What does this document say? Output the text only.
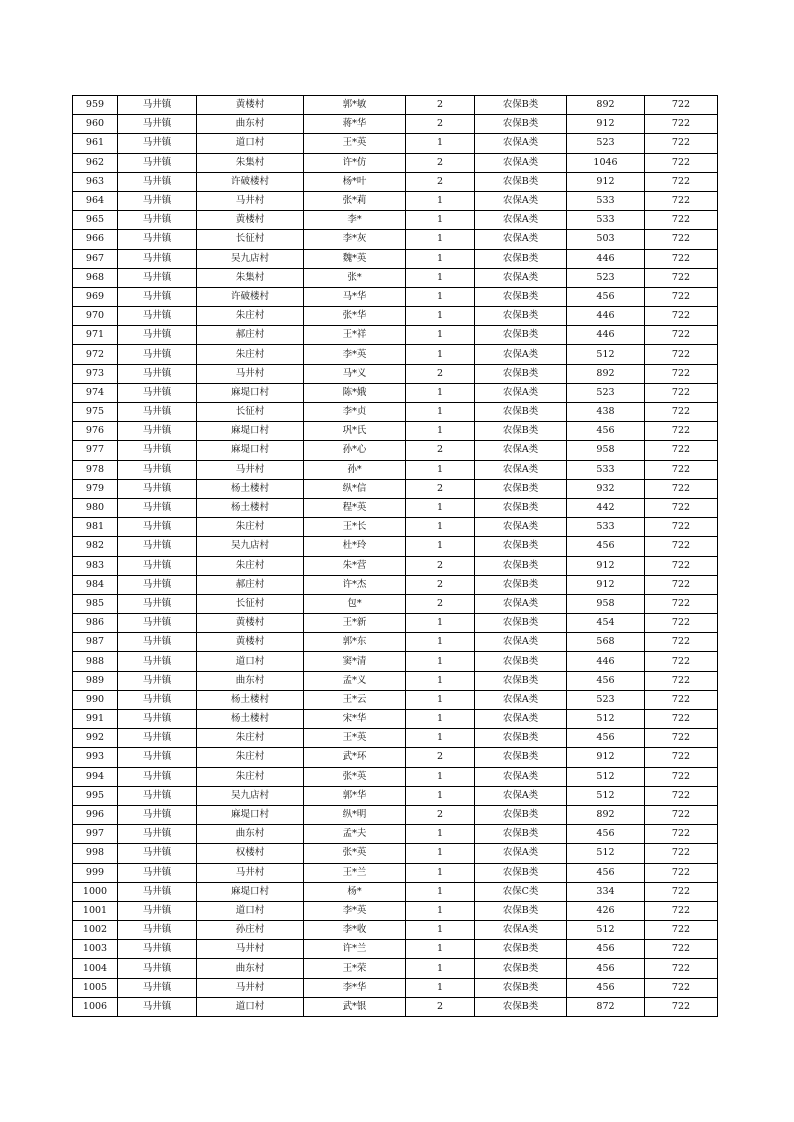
959	马井镇	黄楼村	郭*敏	2	农保B类	892	722
960	马井镇	曲东村	蒋*华	2	农保B类	912	722
961	马井镇	道口村	王*英	1	农保A类	523	722
962	马井镇	朱集村	许*仿	2	农保A类	1046	722
963	马井镇	许破楼村	杨*叶	2	农保B类	912	722
964	马井镇	马井村	张*莉	1	农保A类	533	722
965	马井镇	黄楼村	李*	1	农保A类	533	722
966	马井镇	长征村	李*灰	1	农保A类	503	722
967	马井镇	吴九店村	魏*英	1	农保B类	446	722
968	马井镇	朱集村	张*	1	农保A类	523	722
969	马井镇	许破楼村	马*华	1	农保B类	456	722
970	马井镇	朱庄村	张*华	1	农保B类	446	722
971	马井镇	郝庄村	王*祥	1	农保B类	446	722
972	马井镇	朱庄村	李*英	1	农保A类	512	722
973	马井镇	马井村	马*义	2	农保B类	892	722
974	马井镇	麻堤口村	陈*娥	1	农保A类	523	722
975	马井镇	长征村	李*贞	1	农保B类	438	722
976	马井镇	麻堤口村	巩*氏	1	农保B类	456	722
977	马井镇	麻堤口村	孙*心	2	农保A类	958	722
978	马井镇	马井村	孙*	1	农保A类	533	722
979	马井镇	杨土楼村	纵*信	2	农保B类	932	722
980	马井镇	杨土楼村	程*英	1	农保B类	442	722
981	马井镇	朱庄村	王*长	1	农保A类	533	722
982	马井镇	吴九店村	杜*玲	1	农保B类	456	722
983	马井镇	朱庄村	朱*营	2	农保B类	912	722
984	马井镇	郝庄村	许*杰	2	农保B类	912	722
985	马井镇	长征村	包*	2	农保A类	958	722
986	马井镇	黄楼村	王*新	1	农保B类	454	722
987	马井镇	黄楼村	郭*东	1	农保A类	568	722
988	马井镇	道口村	窦*清	1	农保B类	446	722
989	马井镇	曲东村	孟*义	1	农保B类	456	722
990	马井镇	杨土楼村	王*云	1	农保A类	523	722
991	马井镇	杨土楼村	宋*华	1	农保A类	512	722
992	马井镇	朱庄村	王*英	1	农保B类	456	722
993	马井镇	朱庄村	武*环	2	农保B类	912	722
994	马井镇	朱庄村	张*英	1	农保A类	512	722
995	马井镇	吴九店村	郭*华	1	农保A类	512	722
996	马井镇	麻堤口村	纵*明	2	农保B类	892	722
997	马井镇	曲东村	孟*夫	1	农保B类	456	722
998	马井镇	权楼村	张*英	1	农保A类	512	722
999	马井镇	马井村	王*兰	1	农保B类	456	722
1000	马井镇	麻堤口村	杨*	1	农保C类	334	722
1001	马井镇	道口村	李*英	1	农保B类	426	722
1002	马井镇	孙庄村	李*收	1	农保A类	512	722
1003	马井镇	马井村	许*兰	1	农保B类	456	722
1004	马井镇	曲东村	王*荣	1	农保B类	456	722
1005	马井镇	马井村	李*华	1	农保B类	456	722
1006	马井镇	道口村	武*银	2	农保B类	872	722
